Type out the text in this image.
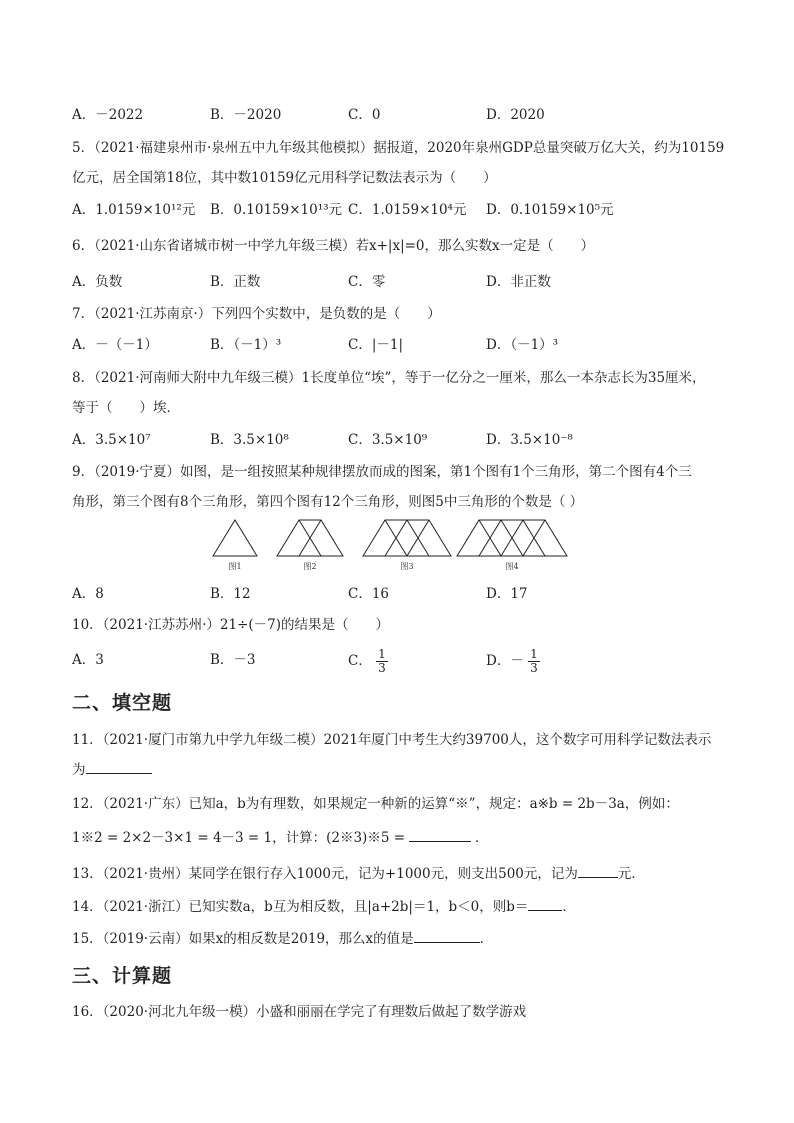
A．－2022	B．－2020	C．0	D．2020
5．（2021·福建泉州市·泉州五中九年级其他模拟）据报道，2020年泉州GDP总量突破万亿大关，约为10159
亿元，居全国第18位，其中数10159亿元用科学记数法表示为（　　）
A．1.0159×10¹²元	B．0.10159×10¹³元 C．1.0159×10⁴元	D．0.10159×10⁵元
6．（2021·山东省诸城市树一中学九年级三模）若x+|x|=0，那么实数x一定是（　　）
A．负数	B．正数	C．零	D．非正数
7．（2021·江苏南京·）下列四个实数中，是负数的是（　　）
A．－（－1）	B．（－1）³	C．|－1|	D．（－1）³
8．（2021·河南师大附中九年级三模）1长度单位“埃”，等于一亿分之一厘米，那么一本杂志长为35厘米，
等于（　　）埃．
A．3.5×10⁷	B．3.5×10⁸	C．3.5×10⁹	D．3.5×10⁻⁸
9．（2019·宁夏）如图，是一组按照某种规律摆放而成的图案，第1个图有1个三角形，第二个图有4个三
角形，第三个图有8个三角形，第四个图有12个三角形，则图5中三角形的个数是（ ）
图1	图2	图3	图4
A．8	B．12	C．16	D．17
10．（2021·江苏苏州·）21÷(－7)的结果是（　　）
A．3	B．－3	C． $\frac{1}{3}$	D．－ $\frac{1}{3}$
二、填空题
11．（2021·厦门市第九中学九年级二模）2021年厦门中考生大约39700人，这个数字可用科学记数法表示
为
12．（2021·广东）已知a，b为有理数，如果规定一种新的运算“※”，规定：a※b = 2b－3a，例如：
1※2 = 2×2－3×1 = 4－3 = 1，计算：(2※3)※5 =	．
13．（2021·贵州）某同学在银行存入1000元，记为+1000元，则支出500元，记为	元．
14．（2021·浙江）已知实数a，b互为相反数，且|a+2b|＝1，b＜0，则b＝	．
15．（2019·云南）如果x的相反数是2019，那么x的值是	．
三、计算题
16．（2020·河北九年级一模）小盛和丽丽在学完了有理数后做起了数学游戏
